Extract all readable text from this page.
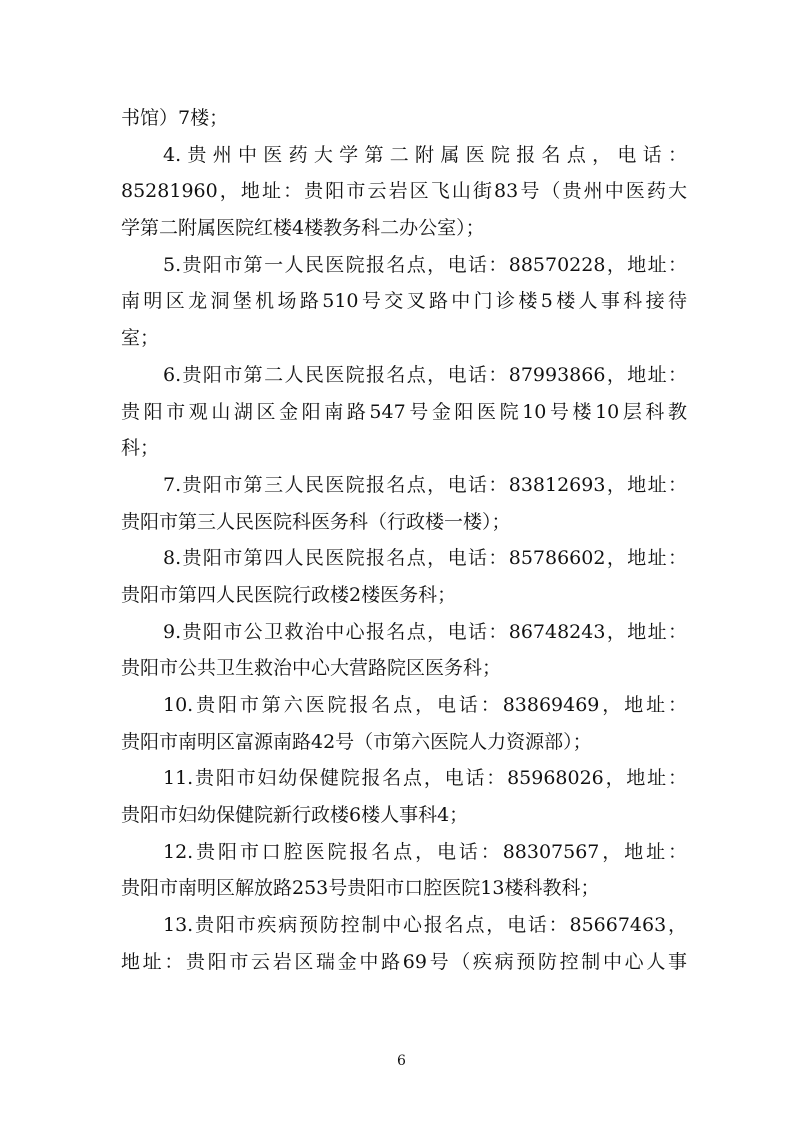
书馆）7楼；
4.贵州中医药大学第二附属医院报名点，电话：
85281960，地址：贵阳市云岩区飞山街83号（贵州中医药大
学第二附属医院红楼4楼教务科二办公室）；
5.贵阳市第一人民医院报名点，电话：88570228，地址：
南明区龙洞堡机场路510号交叉路中门诊楼5楼人事科接待
室；
6.贵阳市第二人民医院报名点，电话：87993866，地址：
贵阳市观山湖区金阳南路547号金阳医院10号楼10层科教
科；
7.贵阳市第三人民医院报名点，电话：83812693，地址：
贵阳市第三人民医院科医务科（行政楼一楼）；
8.贵阳市第四人民医院报名点，电话：85786602，地址：
贵阳市第四人民医院行政楼2楼医务科；
9.贵阳市公卫救治中心报名点，电话：86748243，地址：
贵阳市公共卫生救治中心大营路院区医务科；
10.贵阳市第六医院报名点，电话：83869469，地址：
贵阳市南明区富源南路42号（市第六医院人力资源部）；
11.贵阳市妇幼保健院报名点，电话：85968026，地址：
贵阳市妇幼保健院新行政楼6楼人事科4；
12.贵阳市口腔医院报名点，电话：88307567，地址：
贵阳市南明区解放路253号贵阳市口腔医院13楼科教科；
13.贵阳市疾病预防控制中心报名点，电话：85667463，
地址：贵阳市云岩区瑞金中路69号（疾病预防控制中心人事
6
